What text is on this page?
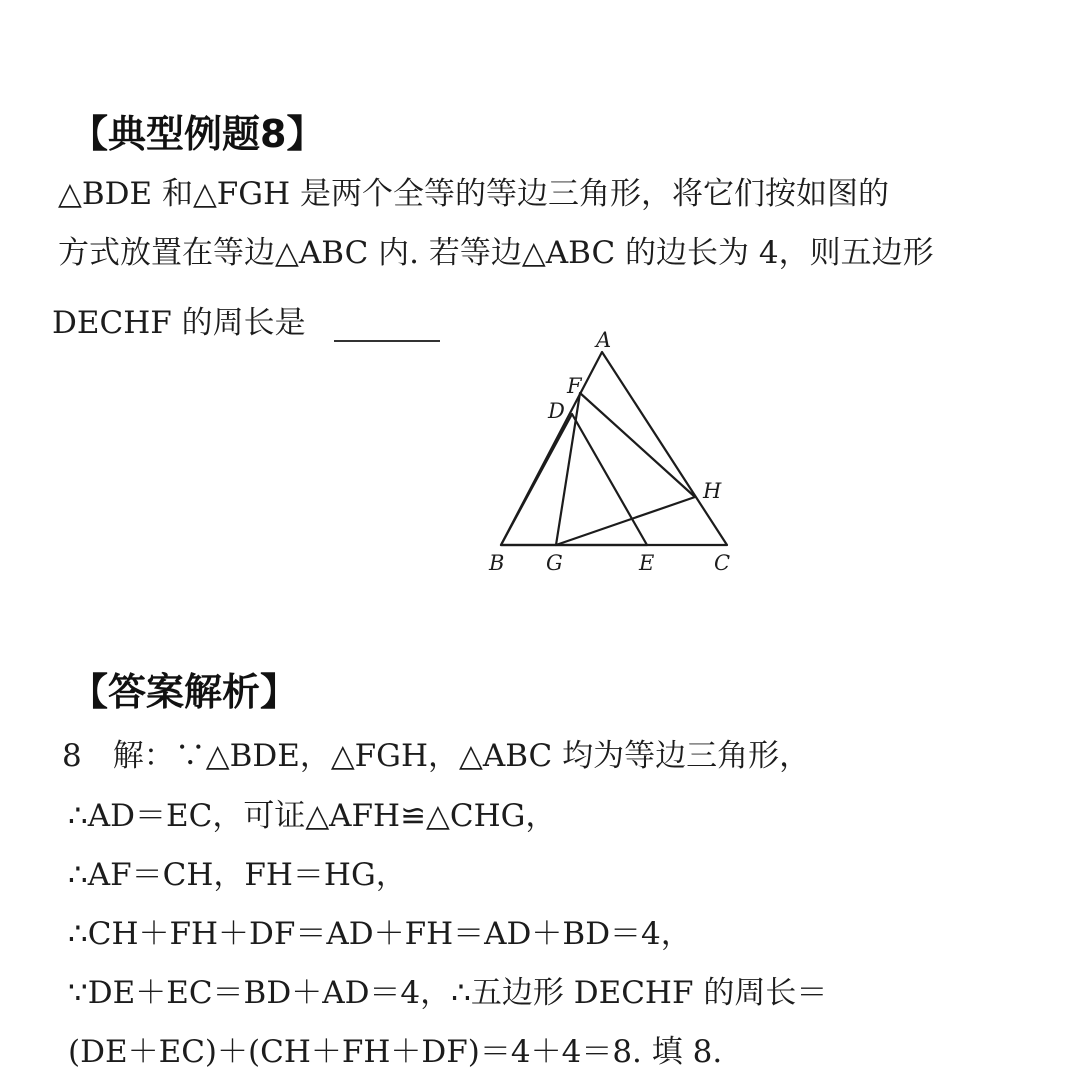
【典型例题8】
△BDE 和△FGH 是两个全等的等边三角形，将它们按如图的
方式放置在等边△ABC 内. 若等边△ABC 的边长为 4，则五边形
DECHF 的周长是	A
F
D
H
B G	E	C
【答案解析】
8　解：∵△BDE，△FGH，△ABC 均为等边三角形，
∴AD＝EC，可证△AFH≌△CHG，
∴AF＝CH，FH＝HG，
∴CH＋FH＋DF＝AD＋FH＝AD＋BD＝4，
∵DE＋EC＝BD＋AD＝4，∴五边形 DECHF 的周长＝
(DE＋EC)＋(CH＋FH＋DF)＝4＋4＝8. 填 8.
